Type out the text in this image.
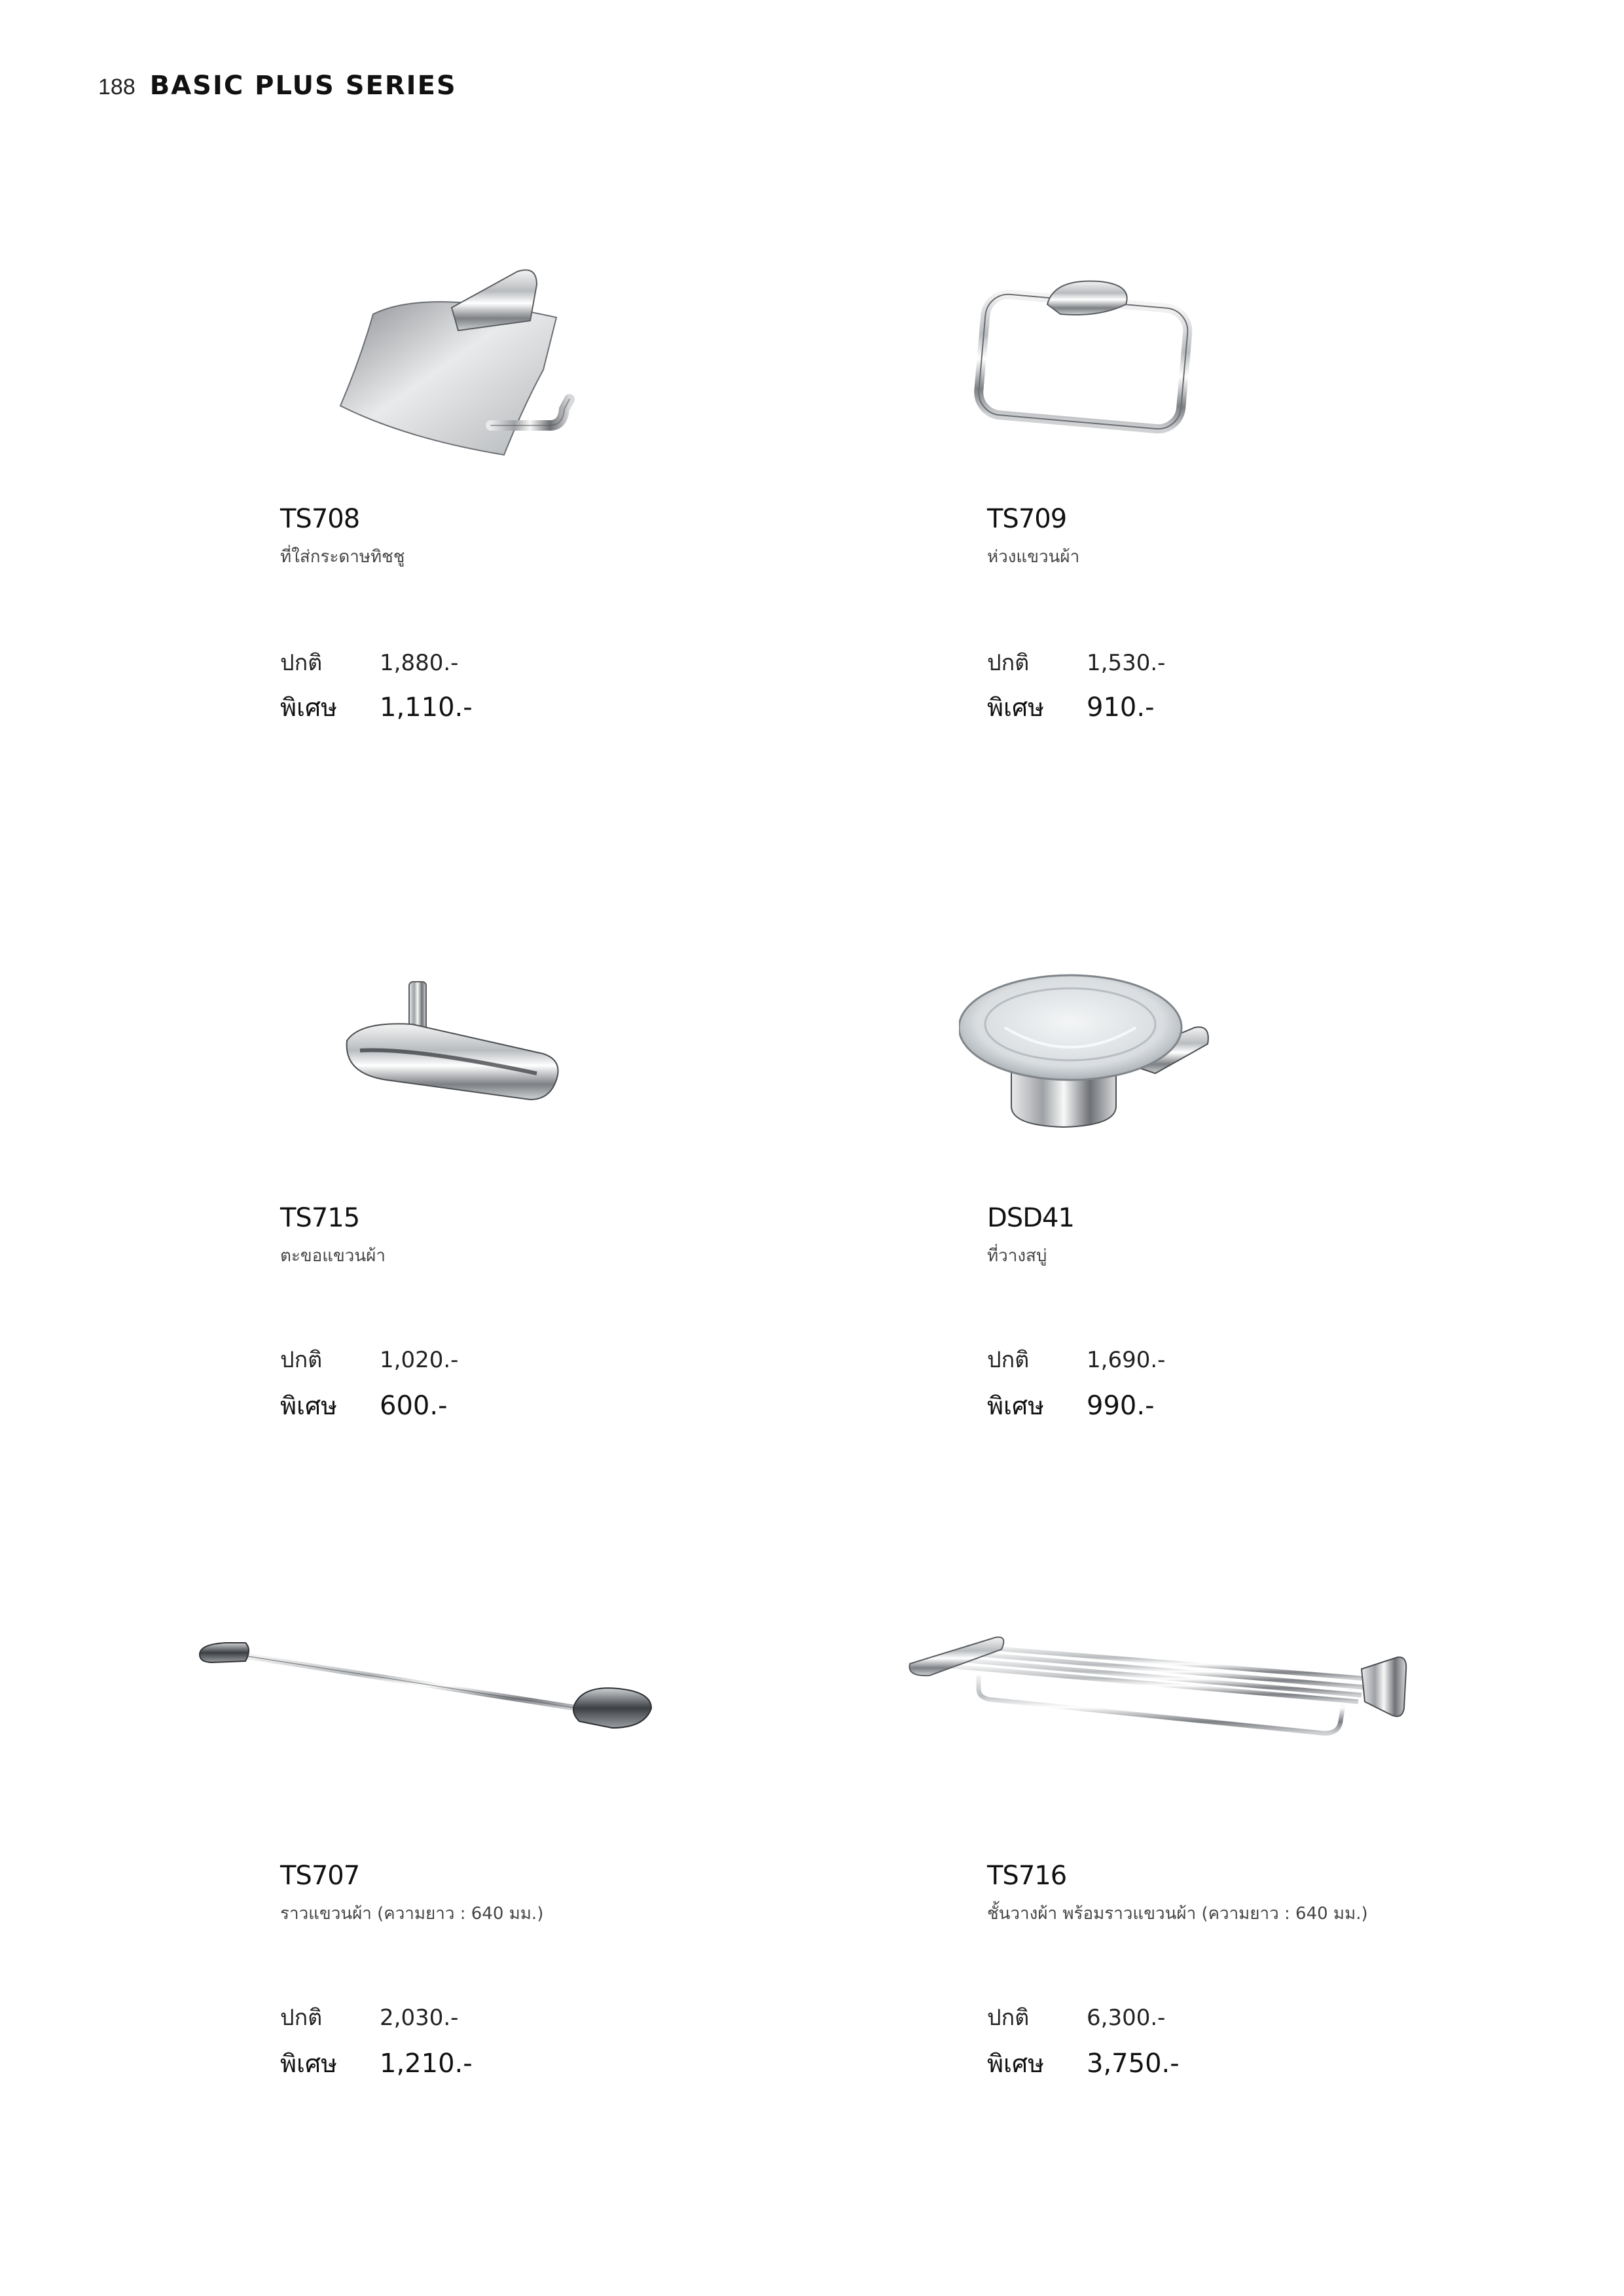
188 BASIC PLUS SERIES
TS708
ที่ใส่กระดาษทิชชู
ปกติ	1,880.-
พิเศษ	1,110.-
TS709
ห่วงแขวนผ้า
ปกติ	1,530.-
พิเศษ	910.-
TS715
ตะขอแขวนผ้า
ปกติ	1,020.-
พิเศษ	600.-
DSD41
ที่วางสบู่
ปกติ	1,690.-
พิเศษ	990.-
TS707
ราวแขวนผ้า (ความยาว : 640 มม.)
ปกติ	2,030.-
พิเศษ	1,210.-
TS716
ชั้นวางผ้า พร้อมราวแขวนผ้า (ความยาว : 640 มม.)
ปกติ	6,300.-
พิเศษ	3,750.-
